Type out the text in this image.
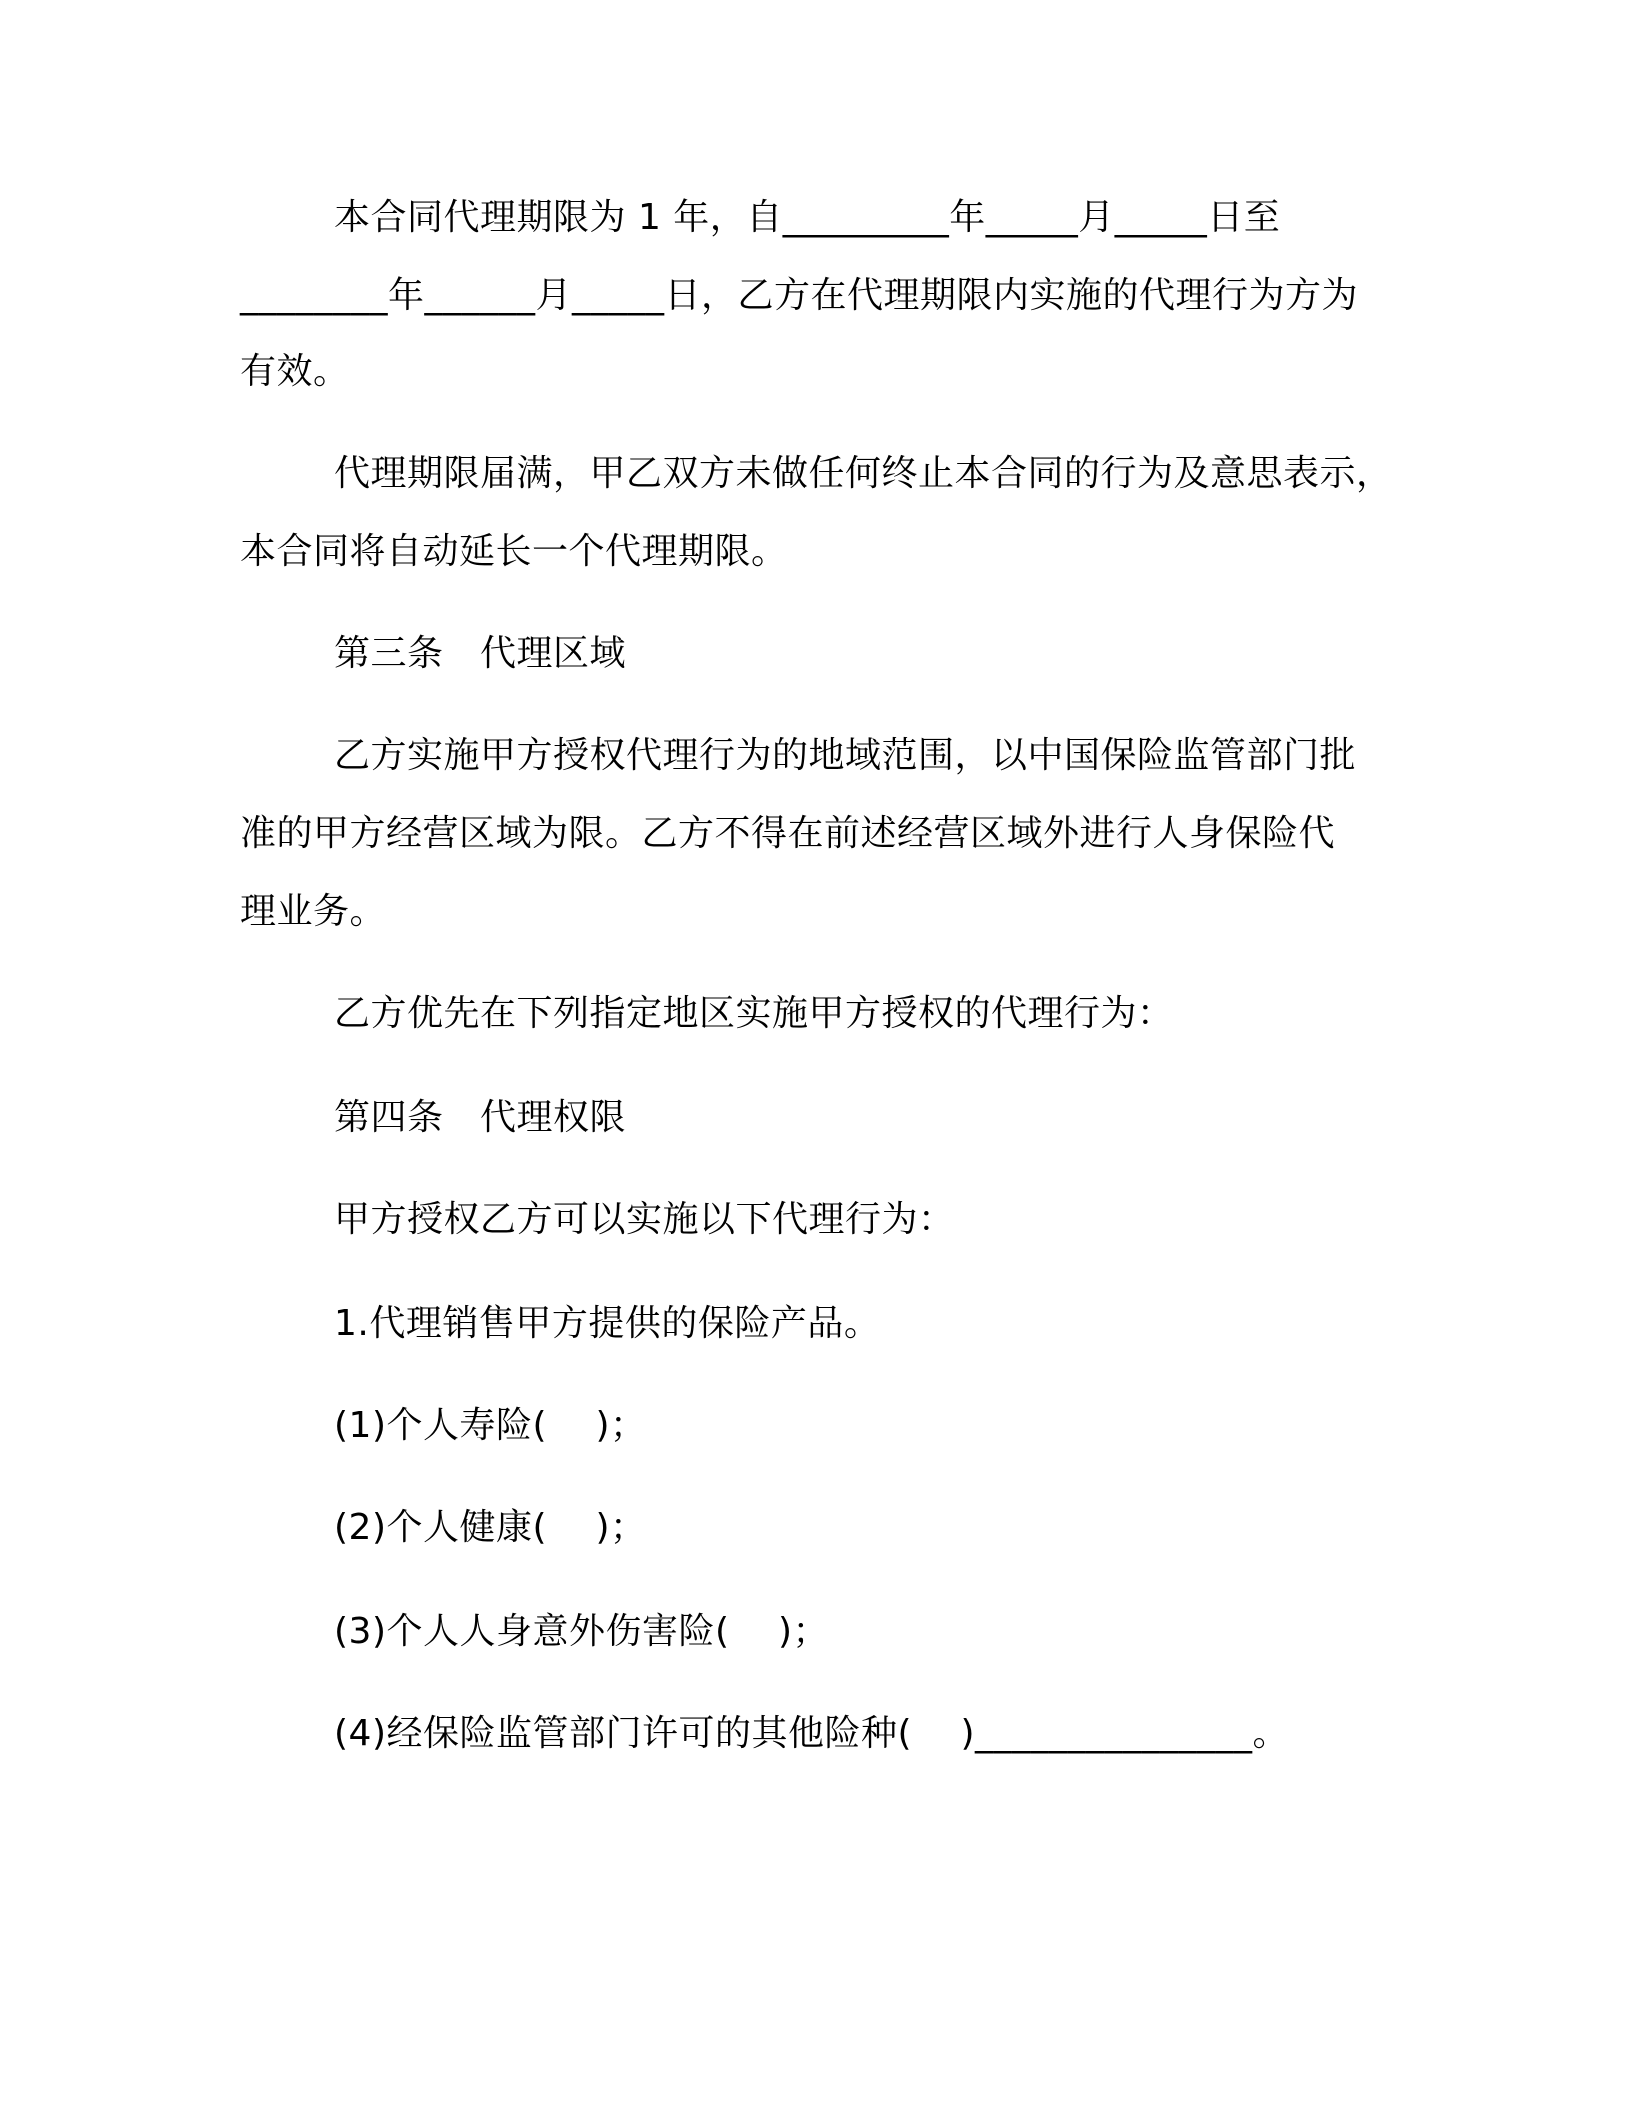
本合同代理期限为 1 年，自_________年_____月_____日至
________年______月_____日，乙方在代理期限内实施的代理行为方为
有效。
代理期限届满，甲乙双方未做任何终止本合同的行为及意思表示，
本合同将自动延长一个代理期限。
第三条　代理区域
乙方实施甲方授权代理行为的地域范围，以中国保险监管部门批
准的甲方经营区域为限。乙方不得在前述经营区域外进行人身保险代
理业务。
乙方优先在下列指定地区实施甲方授权的代理行为：
第四条　代理权限
甲方授权乙方可以实施以下代理行为：
1.代理销售甲方提供的保险产品。
(1)个人寿险(　 )；
(2)个人健康(　 )；
(3)个人人身意外伤害险(　 )；
(4)经保险监管部门许可的其他险种(　 )_______________。
